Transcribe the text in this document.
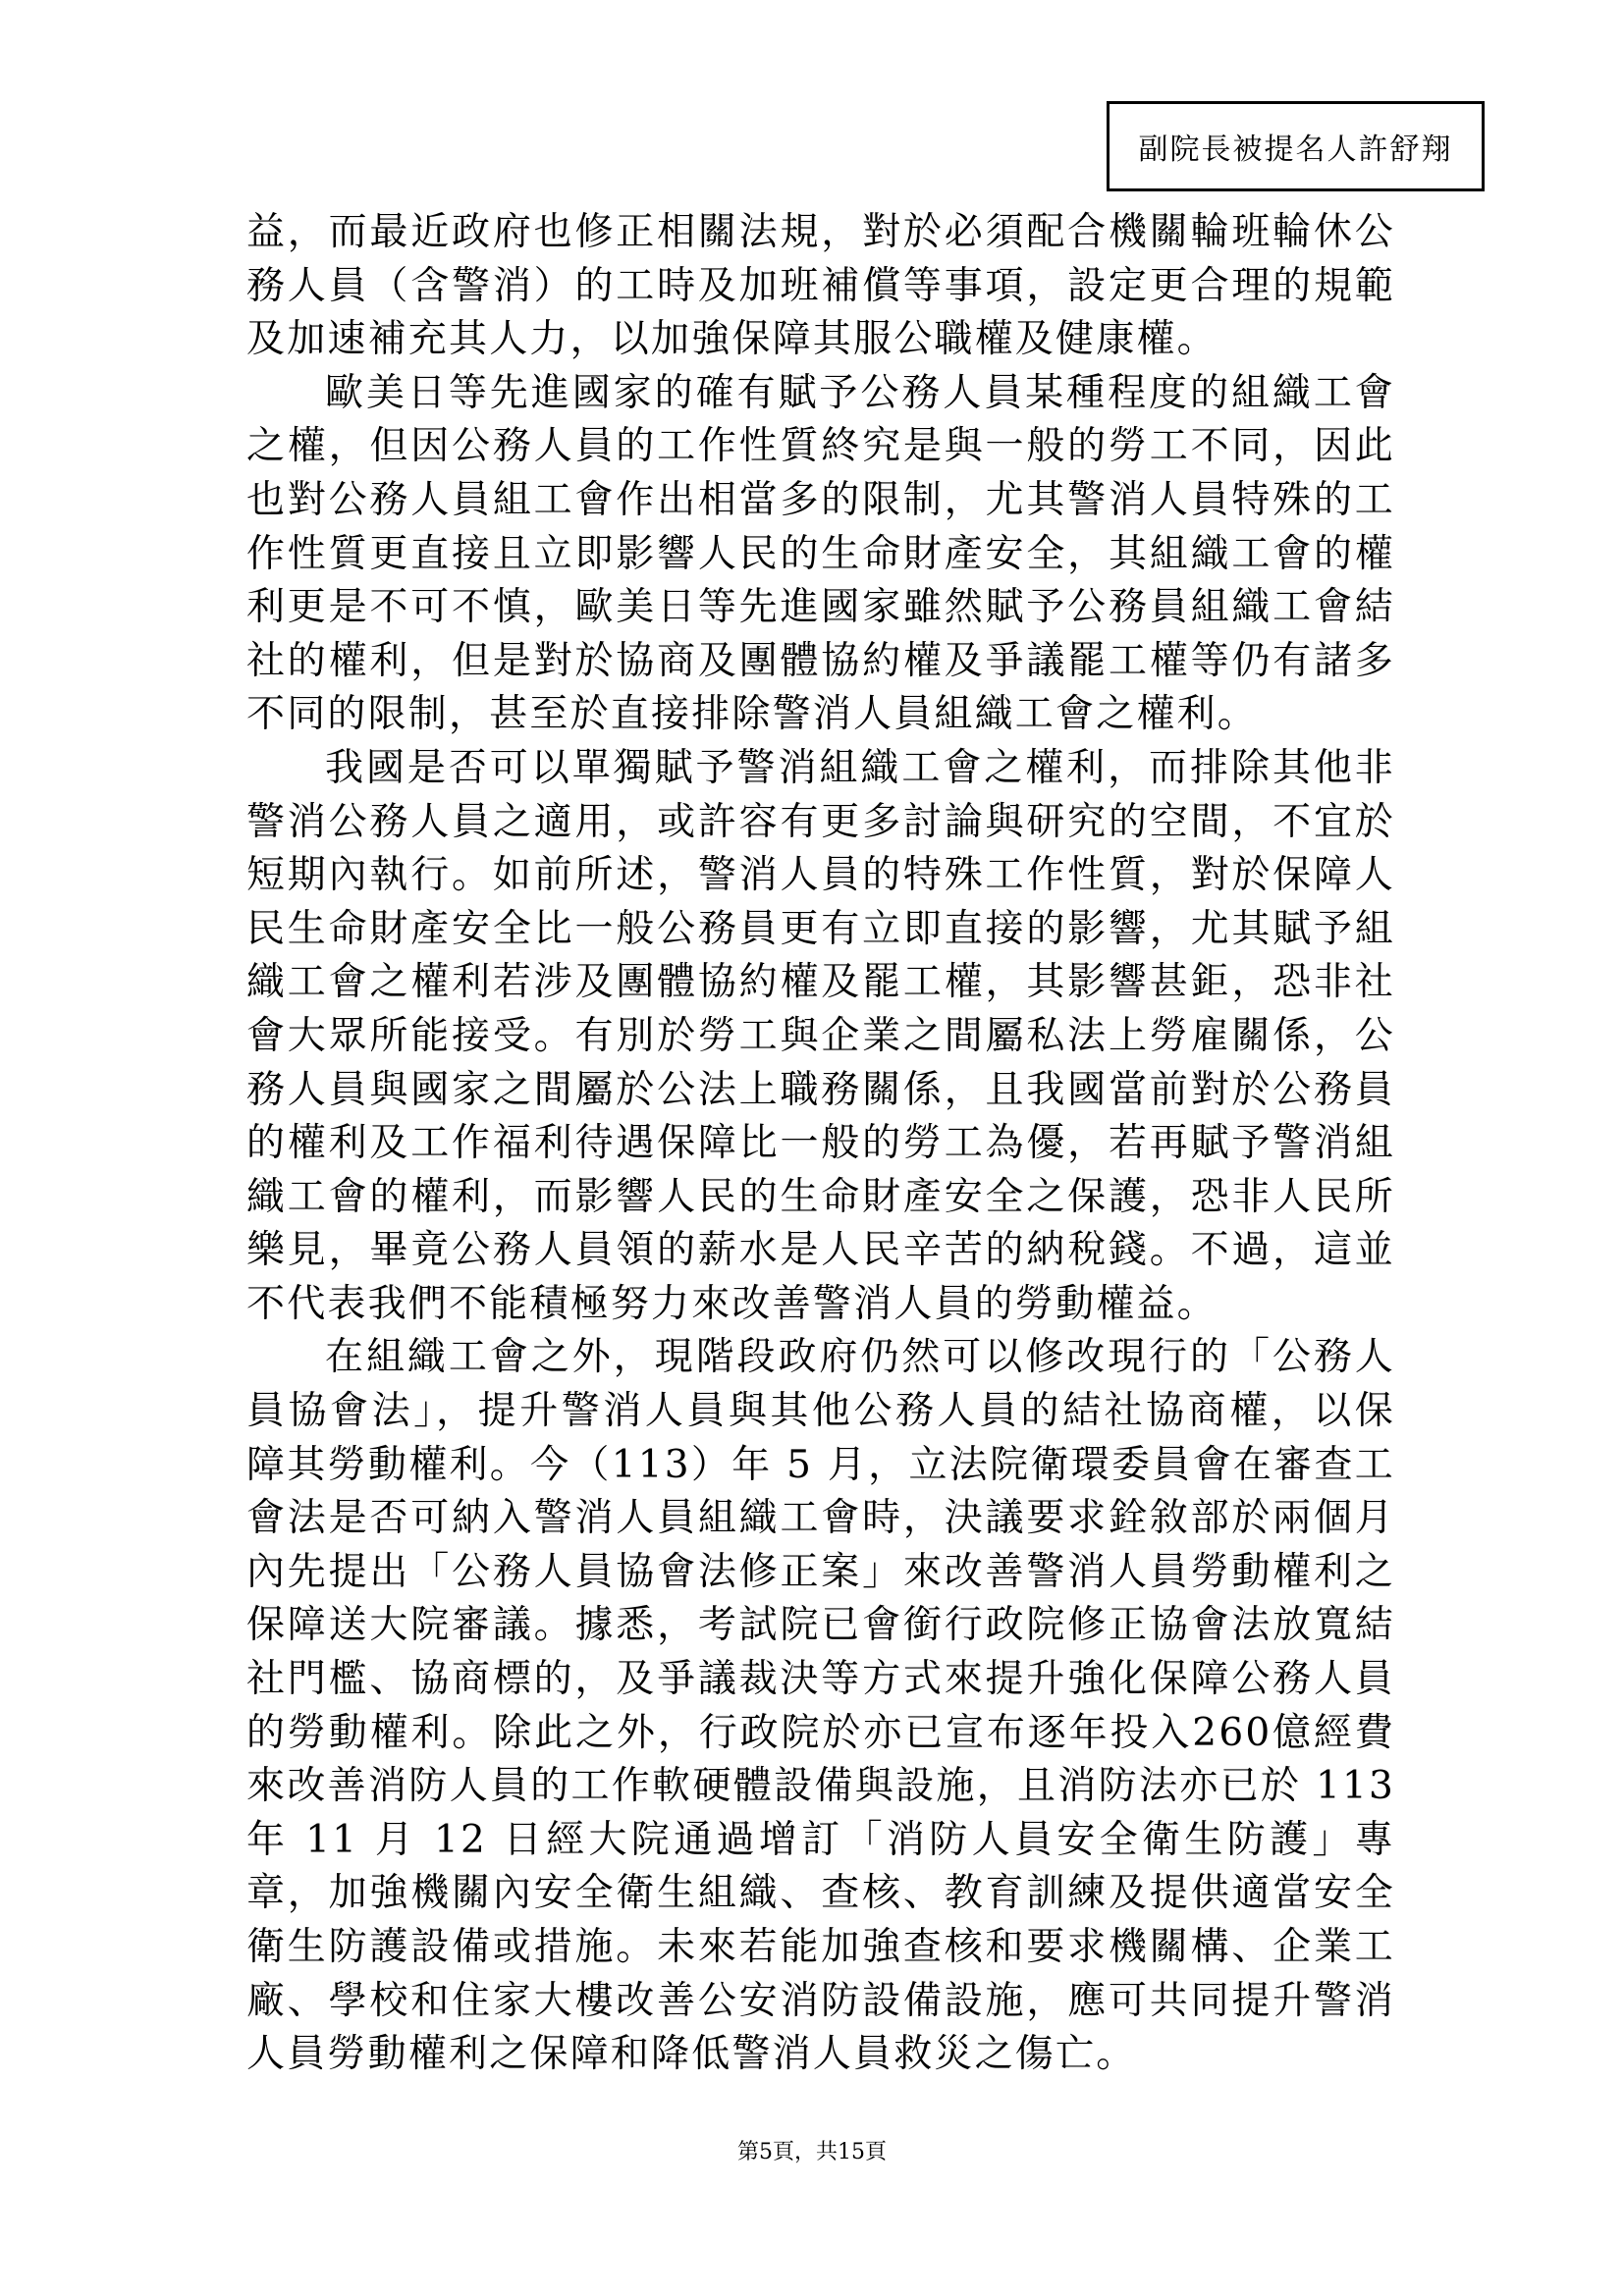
副院長被提名人許舒翔

益，而最近政府也修正相關法規，對於必須配合機關輪班輪休公務人員（含警消）的工時及加班補償等事項，設定更合理的規範及加速補充其人力，以加強保障其服公職權及健康權。

歐美日等先進國家的確有賦予公務人員某種程度的組織工會之權，但因公務人員的工作性質終究是與一般的勞工不同，因此也對公務人員組工會作出相當多的限制，尤其警消人員特殊的工作性質更直接且立即影響人民的生命財產安全，其組織工會的權利更是不可不慎，歐美日等先進國家雖然賦予公務員組織工會結社的權利，但是對於協商及團體協約權及爭議罷工權等仍有諸多不同的限制，甚至於直接排除警消人員組織工會之權利。

我國是否可以單獨賦予警消組織工會之權利，而排除其他非警消公務人員之適用，或許容有更多討論與研究的空間，不宜於短期內執行。如前所述，警消人員的特殊工作性質，對於保障人民生命財產安全比一般公務員更有立即直接的影響，尤其賦予組織工會之權利若涉及團體協約權及罷工權，其影響甚鉅，恐非社會大眾所能接受。有別於勞工與企業之間屬私法上勞雇關係，公務人員與國家之間屬於公法上職務關係，且我國當前對於公務員的權利及工作福利待遇保障比一般的勞工為優，若再賦予警消組織工會的權利，而影響人民的生命財產安全之保護，恐非人民所樂見，畢竟公務人員領的薪水是人民辛苦的納稅錢。不過，這並不代表我們不能積極努力來改善警消人員的勞動權益。

在組織工會之外，現階段政府仍然可以修改現行的「公務人員協會法」，提升警消人員與其他公務人員的結社協商權，以保障其勞動權利。今（113）年 5 月，立法院衛環委員會在審查工會法是否可納入警消人員組織工會時，決議要求銓敘部於兩個月內先提出「公務人員協會法修正案」來改善警消人員勞動權利之保障送大院審議。據悉，考試院已會銜行政院修正協會法放寬結社門檻、協商標的，及爭議裁決等方式來提升強化保障公務人員的勞動權利。除此之外，行政院於亦已宣布逐年投入260億經費來改善消防人員的工作軟硬體設備與設施，且消防法亦已於 113 年 11 月 12 日經大院通過增訂「消防人員安全衛生防護」專章，加強機關內安全衛生組織、查核、教育訓練及提供適當安全衛生防護設備或措施。未來若能加強查核和要求機關構、企業工廠、學校和住家大樓改善公安消防設備設施，應可共同提升警消人員勞動權利之保障和降低警消人員救災之傷亡。

第5頁，共15頁
